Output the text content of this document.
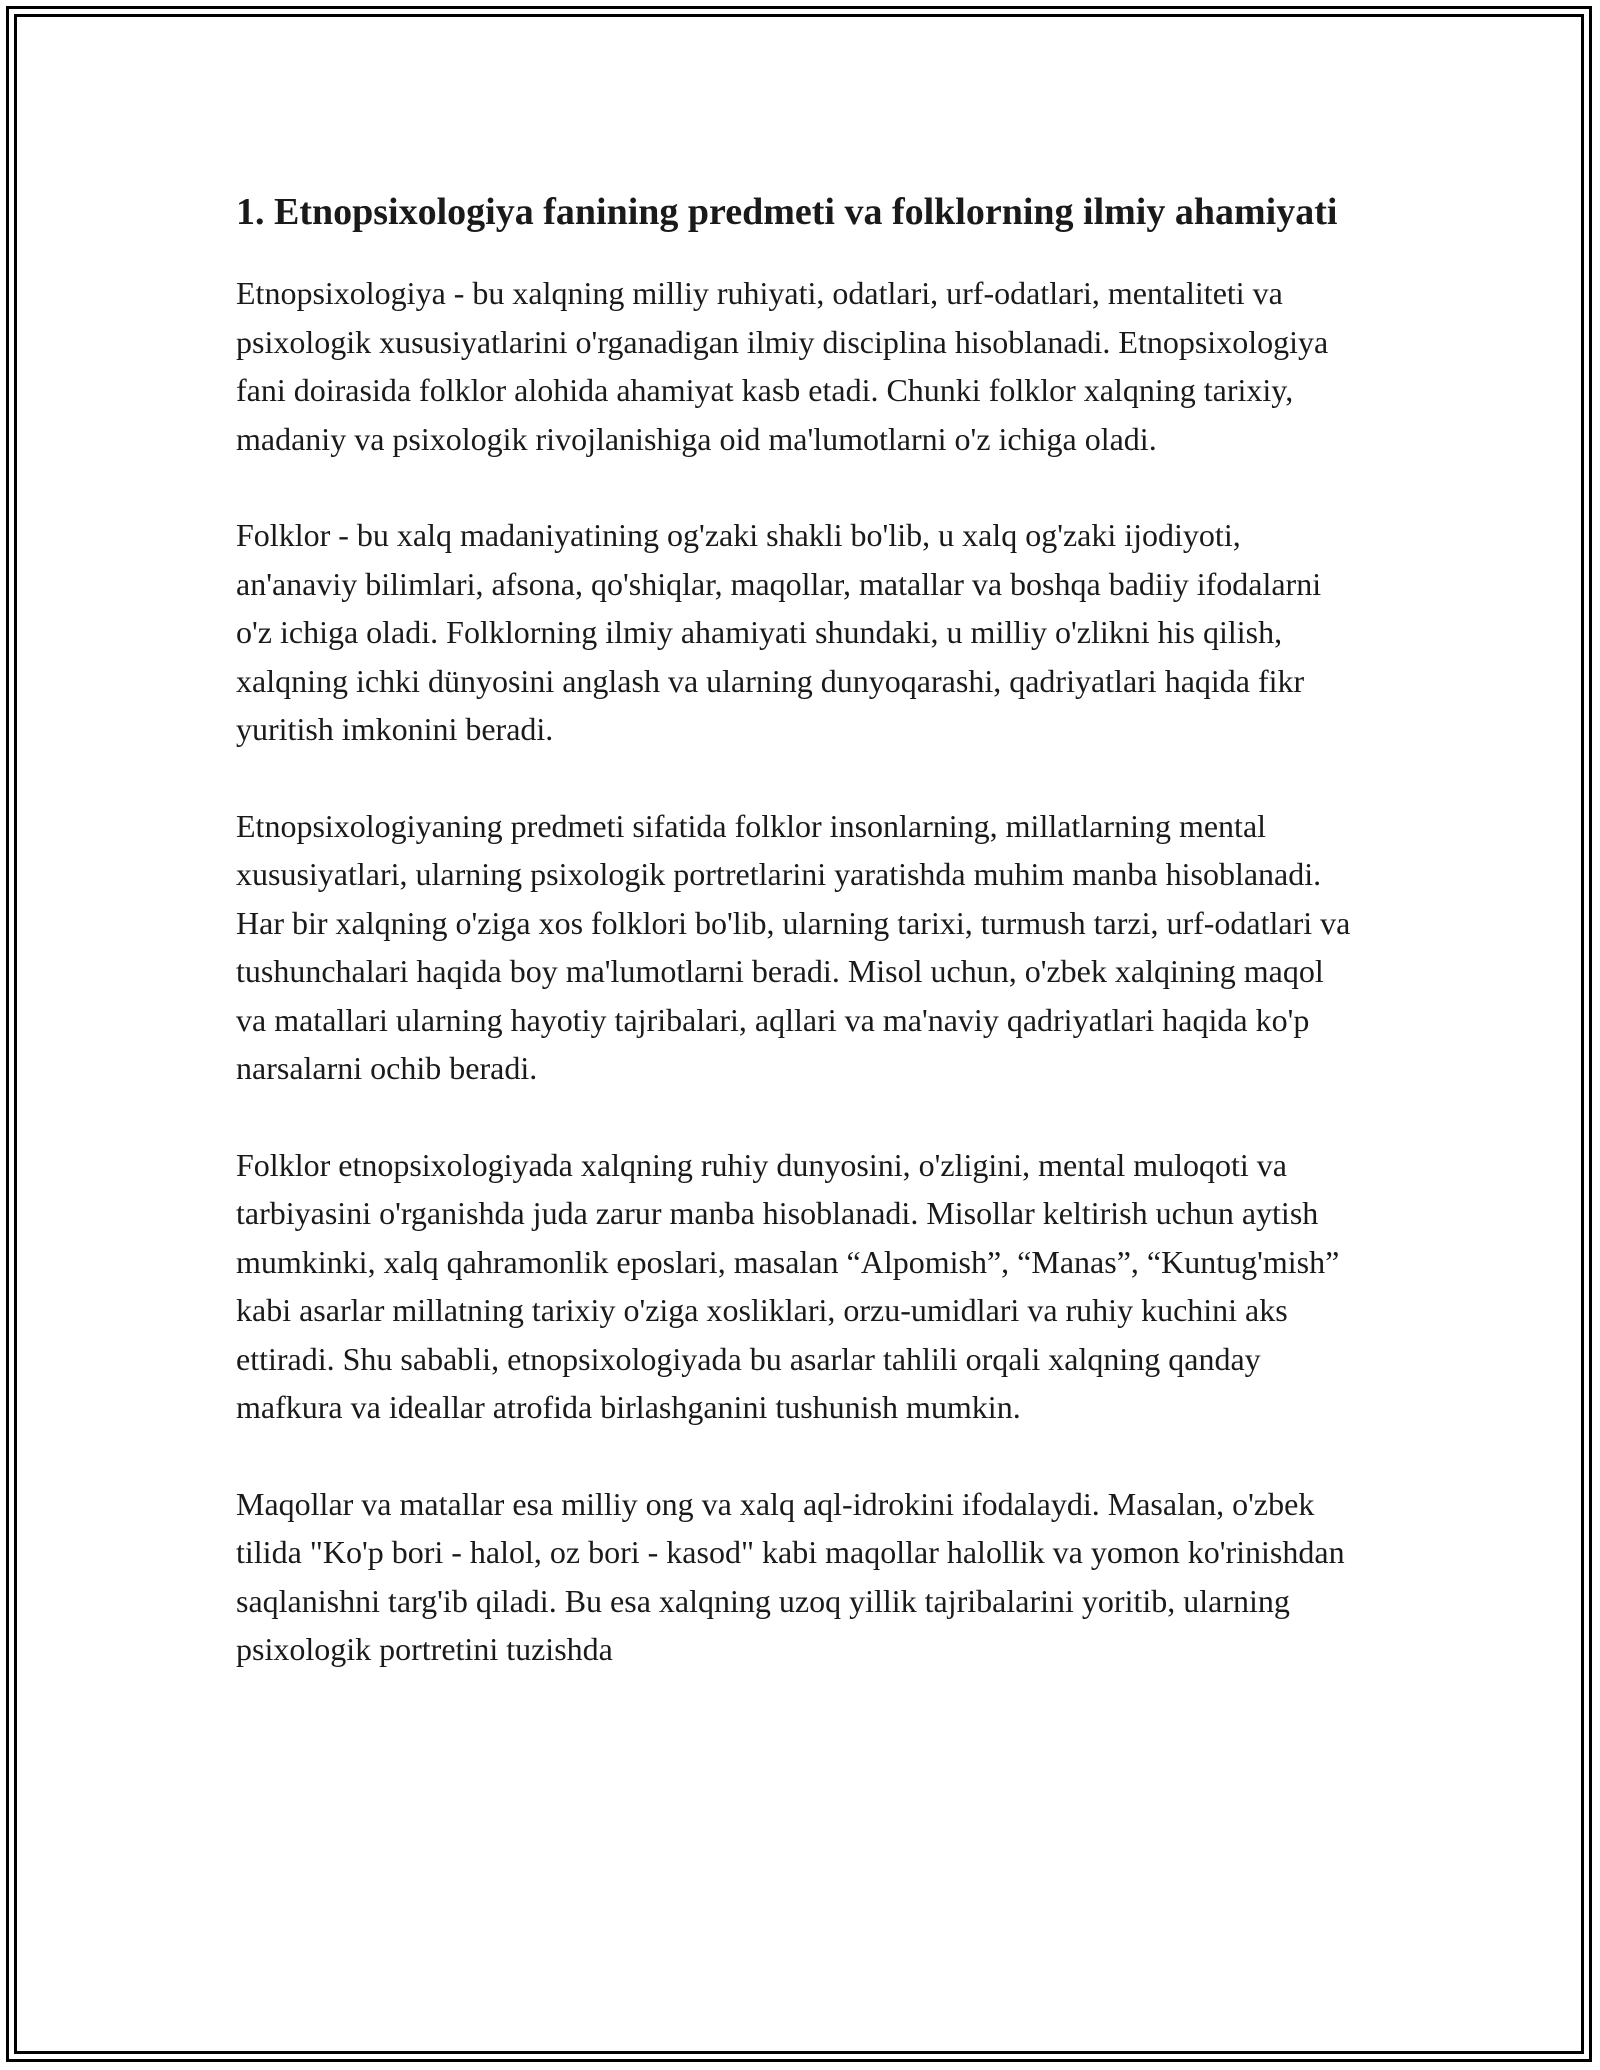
1. Etnopsixologiya fanining predmeti va folklorning ilmiy ahamiyati

Etnopsixologiya - bu xalqning milliy ruhiyati, odatlari, urf-odatlari, mentaliteti va psixologik xususiyatlarini o'rganadigan ilmiy disciplina hisoblanadi. Etnopsixologiya fani doirasida folklor alohida ahamiyat kasb etadi. Chunki folklor xalqning tarixiy, madaniy va psixologik rivojlanishiga oid ma'lumotlarni o'z ichiga oladi.

Folklor - bu xalq madaniyatining og'zaki shakli bo'lib, u xalq og'zaki ijodiyoti, an'anaviy bilimlari, afsona, qo'shiqlar, maqollar, matallar va boshqa badiiy ifodalarni o'z ichiga oladi. Folklorning ilmiy ahamiyati shundaki, u milliy o'zlikni his qilish, xalqning ichki dünyosini anglash va ularning dunyoqarashi, qadriyatlari haqida fikr yuritish imkonini beradi.

Etnopsixologiyaning predmeti sifatida folklor insonlarning, millatlarning mental xususiyatlari, ularning psixologik portretlarini yaratishda muhim manba hisoblanadi. Har bir xalqning o'ziga xos folklori bo'lib, ularning tarixi, turmush tarzi, urf-odatlari va tushunchalari haqida boy ma'lumotlarni beradi. Misol uchun, o'zbek xalqining maqol va matallari ularning hayotiy tajribalari, aqllari va ma'naviy qadriyatlari haqida ko'p narsalarni ochib beradi.

Folklor etnopsixologiyada xalqning ruhiy dunyosini, o'zligini, mental muloqoti va tarbiyasini o'rganishda juda zarur manba hisoblanadi. Misollar keltirish uchun aytish mumkinki, xalq qahramonlik eposlari, masalan “Alpomish”, “Manas”, “Kuntug'mish” kabi asarlar millatning tarixiy o'ziga xosliklari, orzu-umidlari va ruhiy kuchini aks ettiradi. Shu sababli, etnopsixologiyada bu asarlar tahlili orqali xalqning qanday mafkura va ideallar atrofida birlashganini tushunish mumkin.

Maqollar va matallar esa milliy ong va xalq aql-idrokini ifodalaydi. Masalan, o'zbek tilida "Ko'p bori - halol, oz bori - kasod" kabi maqollar halollik va yomon ko'rinishdan saqlanishni targ'ib qiladi. Bu esa xalqning uzoq yillik tajribalarini yoritib, ularning psixologik portretini tuzishda
